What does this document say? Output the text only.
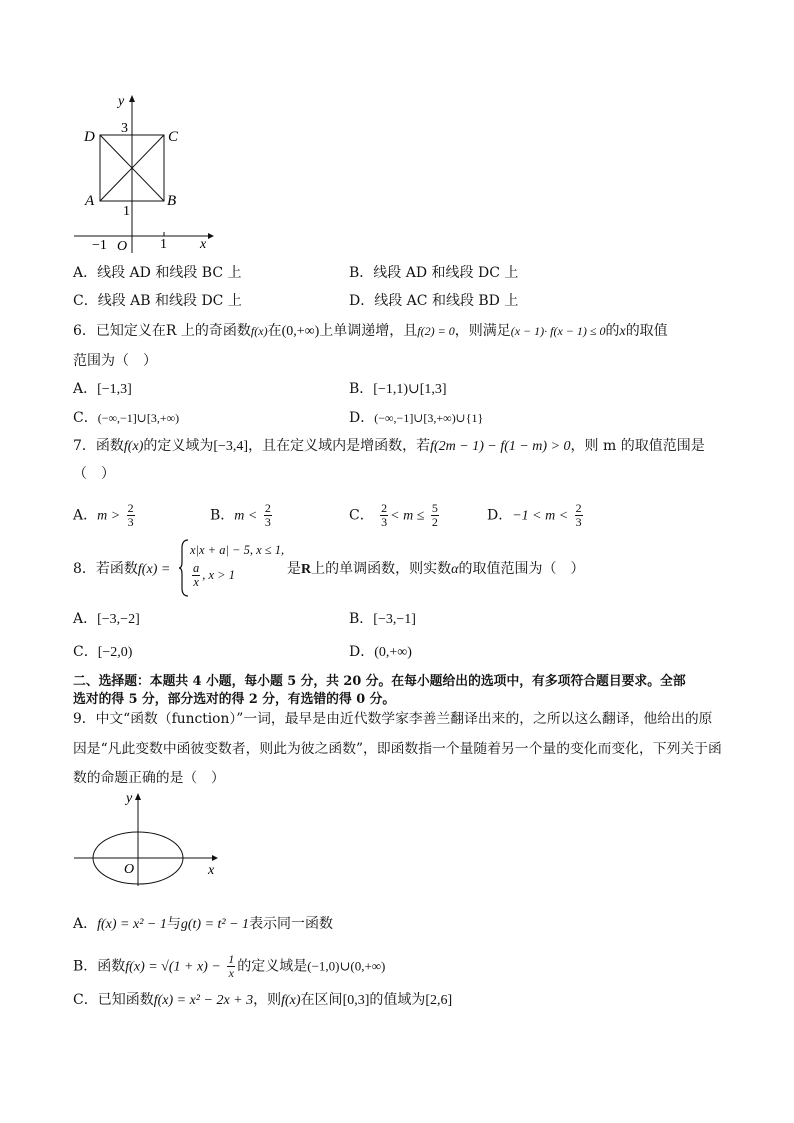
y
x
D	C
A	B
3
1
−1 O 1
A．线段 AD 和线段 BC 上	B．线段 AD 和线段 DC 上
C．线段 AB 和线段 DC 上	D．线段 AC 和线段 BD 上
6．已知定义在R 上的奇函数f(x)在(0,+∞)上单调递增，且f(2) = 0，则满足(x − 1)· f(x − 1) ≤ 0的x的取值
范围为（　）
A．[−1,3]	B．[−1,1)∪[1,3]
C．(−∞,−1]∪[3,+∞)	D．(−∞,−1]∪[3,+∞)∪{1}
7．函数f(x)的定义域为[−3,4]，且在定义域内是增函数，若f(2m − 1) − f(1 − m) > 0，则 m 的取值范围是
（　）
A．$m > \frac{2}{3}$	B．$m < \frac{2}{3}$	C． $\frac{2}{3} < m \le \frac{5}{2}$	D．$-1 < m < \frac{2}{3}$
8．若函数f(x) =
x|x + a| − 5, x ≤ 1,
$\frac{a}{x}$ , x > 1	是R上的单调函数，则实数α的取值范围为（　）
A．[−3,−2]	B．[−3,−1]
C．[−2,0)	D．(0,+∞)
二、选择题：本题共 4 小题，每小题 5 分，共 20 分。在每小题给出的选项中，有多项符合题目要求。全部
选对的得 5 分，部分选对的得 2 分，有选错的得 0 分。
9．中文“函数（function）”一词，最早是由近代数学家李善兰翻译出来的，之所以这么翻译，他给出的原
因是“凡此变数中函彼变数者，则此为彼之函数”，即函数指一个量随着另一个量的变化而变化，下列关于函
数的命题正确的是（　）
y
x
O
A．f(x) = x² − 1与g(t) = t² − 1表示同一函数
B．函数$f(x) = √(1 + x) - \frac{1}{x}$ 的定义域是(−1,0)∪(0,+∞)
C．已知函数f(x) = x² − 2x + 3，则f(x)在区间[0,3]的值域为[2,6]
